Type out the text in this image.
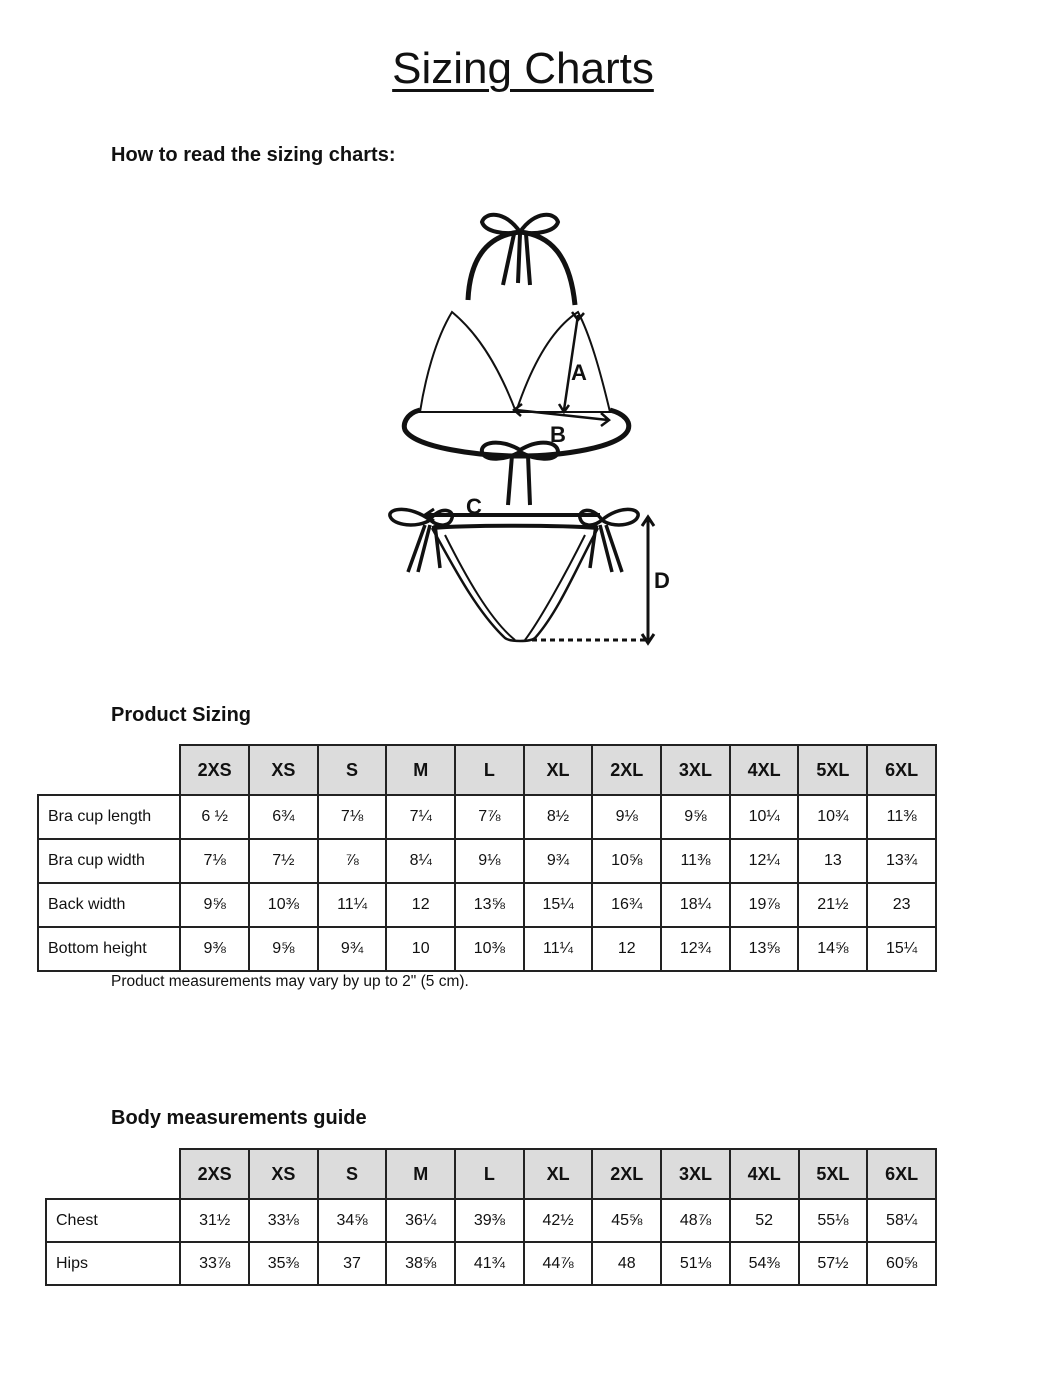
Sizing Charts
How to read the sizing charts:
A
B
C
D
Product Sizing
	2XS	XS	S	M	L	XL	2XL	3XL	4XL	5XL	6XL
Bra cup length	6 ½	6¾	7⅛	7¼	7⅞	8½	9⅛	9⅝	10¼	10¾	11⅜
Bra cup width	7⅛	7½	⅞	8¼	9⅛	9¾	10⅝	11⅜	12¼	13	13¾
Back width	9⅝	10⅜	11¼	12	13⅝	15¼	16¾	18¼	19⅞	21½	23
Bottom height	9⅜	9⅝	9¾	10	10⅜	11¼	12	12¾	13⅝	14⅝	15¼
Product measurements may vary by up to 2" (5 cm).
Body measurements guide
	2XS	XS	S	M	L	XL	2XL	3XL	4XL	5XL	6XL
Chest	31½	33⅛	34⅝	36¼	39⅜	42½	45⅝	48⅞	52	55⅛	58¼
Hips	33⅞	35⅜	37	38⅝	41¾	44⅞	48	51⅛	54⅜	57½	60⅝
